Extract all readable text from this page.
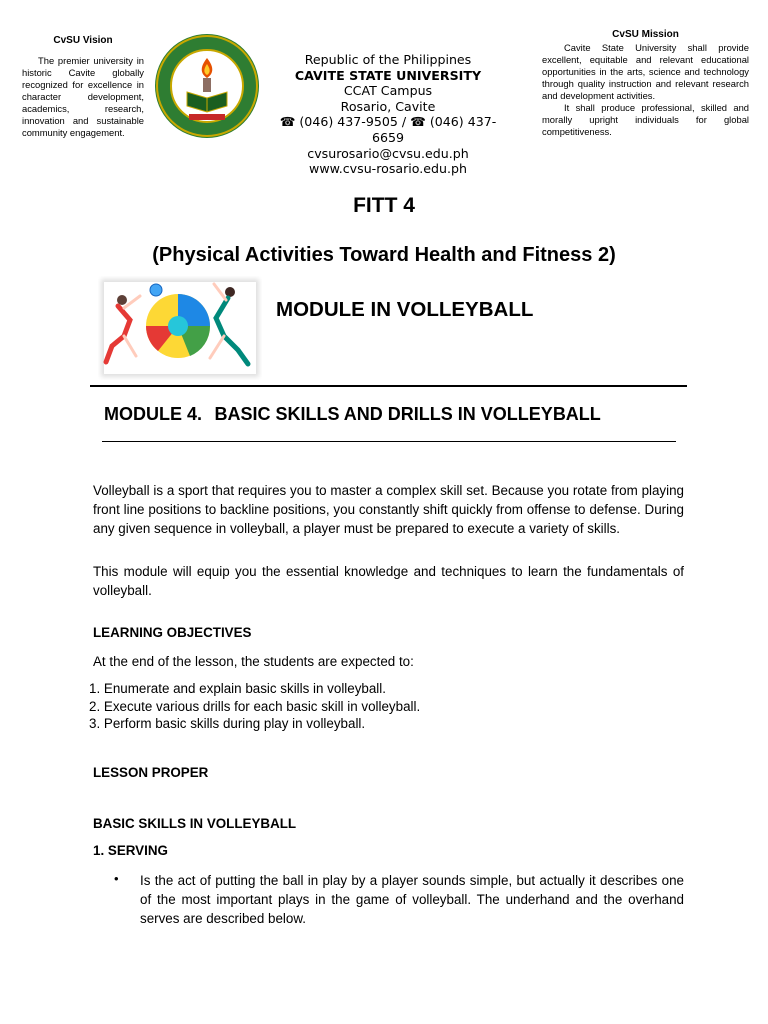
CvSU Vision
The premier university in historic Cavite globally recognized for excellence in character development, academics, research, innovation and sustainable community engagement.
Republic of the Philippines
CAVITE STATE UNIVERSITY
CCAT Campus
Rosario, Cavite
☎ (046) 437-9505 / ☎ (046) 437-6659
cvsurosario@cvsu.edu.ph
www.cvsu-rosario.edu.ph
CvSU Mission

Cavite State University shall provide excellent, equitable and relevant educational opportunities in the arts, science and technology through quality instruction and relevant research and development activities.

It shall produce professional, skilled and morally upright individuals for global competitiveness.

FITT 4
(Physical Activities Toward Health and Fitness 2)
MODULE IN VOLLEYBALL
MODULE 4. BASIC SKILLS AND DRILLS IN VOLLEYBALL
Volleyball is a sport that requires you to master a complex skill set. Because you rotate from playing front line positions to backline positions, you constantly shift quickly from offense to defense. During any given sequence in volleyball, a player must be prepared to execute a variety of skills.
This module will equip you the essential knowledge and techniques to learn the fundamentals of volleyball.
LEARNING OBJECTIVES
At the end of the lesson, the students are expected to:
1. Enumerate and explain basic skills in volleyball.
2. Execute various drills for each basic skill in volleyball.
3. Perform basic skills during play in volleyball.
LESSON PROPER
BASIC SKILLS IN VOLLEYBALL
1. SERVING
• Is the act of putting the ball in play by a player sounds simple, but actually it describes one of the most important plays in the game of volleyball. The underhand and the overhand serves are described below.
